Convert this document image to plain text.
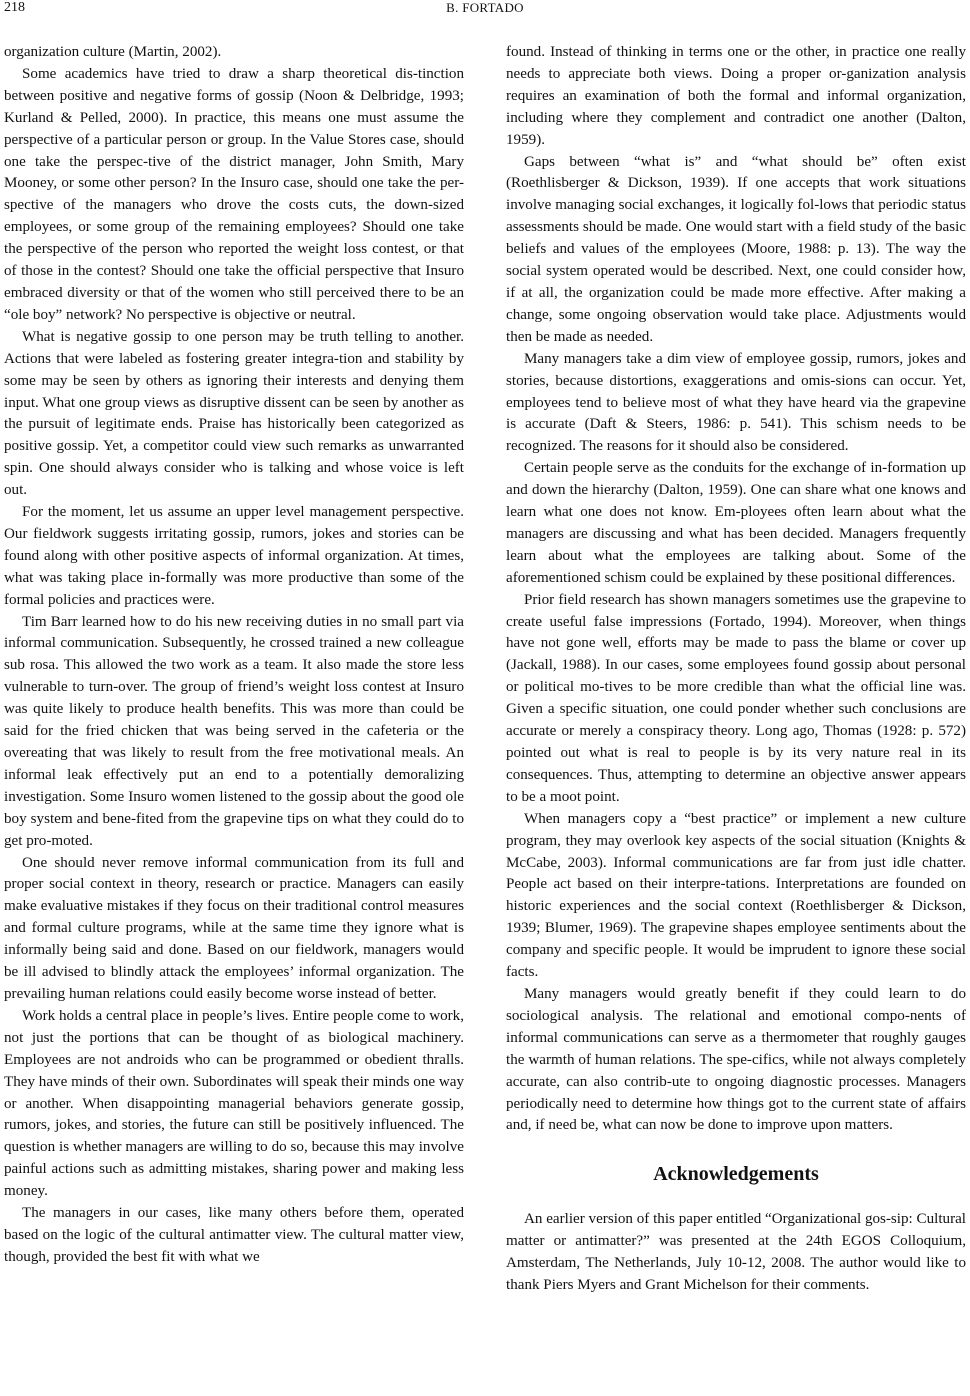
218	B. FORTADO

organization culture (Martin, 2002).

Some academics have tried to draw a sharp theoretical dis-tinction between positive and negative forms of gossip (Noon & Delbridge, 1993; Kurland & Pelled, 2000). In practice, this means one must assume the perspective of a particular person or group. In the Value Stores case, should one take the perspec-tive of the district manager, John Smith, Mary Mooney, or some other person? In the Insuro case, should one take the per-spective of the managers who drove the costs cuts, the down-sized employees, or some group of the remaining employees? Should one take the perspective of the person who reported the weight loss contest, or that of those in the contest? Should one take the official perspective that Insuro embraced diversity or that of the women who still perceived there to be an “ole boy” network? No perspective is objective or neutral.

What is negative gossip to one person may be truth telling to another. Actions that were labeled as fostering greater integra-tion and stability by some may be seen by others as ignoring their interests and denying them input. What one group views as disruptive dissent can be seen by another as the pursuit of legitimate ends. Praise has historically been categorized as positive gossip. Yet, a competitor could view such remarks as unwarranted spin. One should always consider who is talking and whose voice is left out.

For the moment, let us assume an upper level management perspective. Our fieldwork suggests irritating gossip, rumors, jokes and stories can be found along with other positive aspects of informal organization. At times, what was taking place in-formally was more productive than some of the formal policies and practices were.

Tim Barr learned how to do his new receiving duties in no small part via informal communication. Subsequently, he crossed trained a new colleague sub rosa. This allowed the two work as a team. It also made the store less vulnerable to turn-over. The group of friend’s weight loss contest at Insuro was quite likely to produce health benefits. This was more than could be said for the fried chicken that was being served in the cafeteria or the overeating that was likely to result from the free motivational meals. An informal leak effectively put an end to a potentially demoralizing investigation. Some Insuro women listened to the gossip about the good ole boy system and bene-fited from the grapevine tips on what they could do to get pro-moted.

One should never remove informal communication from its full and proper social context in theory, research or practice. Managers can easily make evaluative mistakes if they focus on their traditional control measures and formal culture programs, while at the same time they ignore what is informally being said and done. Based on our fieldwork, managers would be ill advised to blindly attack the employees’ informal organization. The prevailing human relations could easily become worse instead of better.

Work holds a central place in people’s lives. Entire people come to work, not just the portions that can be thought of as biological machinery. Employees are not androids who can be programmed or obedient thralls. They have minds of their own. Subordinates will speak their minds one way or another. When disappointing managerial behaviors generate gossip, rumors, jokes, and stories, the future can still be positively influenced. The question is whether managers are willing to do so, because this may involve painful actions such as admitting mistakes, sharing power and making less money.

The managers in our cases, like many others before them, operated based on the logic of the cultural antimatter view. The cultural matter view, though, provided the best fit with what we

found. Instead of thinking in terms one or the other, in practice one really needs to appreciate both views. Doing a proper or-ganization analysis requires an examination of both the formal and informal organization, including where they complement and contradict one another (Dalton, 1959).

Gaps between “what is” and “what should be” often exist (Roethlisberger & Dickson, 1939). If one accepts that work situations involve managing social exchanges, it logically fol-lows that periodic status assessments should be made. One would start with a field study of the basic beliefs and values of the employees (Moore, 1988: p. 13). The way the social system operated would be described. Next, one could consider how, if at all, the organization could be made more effective. After making a change, some ongoing observation would take place. Adjustments would then be made as needed.

Many managers take a dim view of employee gossip, rumors, jokes and stories, because distortions, exaggerations and omis-sions can occur. Yet, employees tend to believe most of what they have heard via the grapevine is accurate (Daft & Steers, 1986: p. 541). This schism needs to be recognized. The reasons for it should also be considered.

Certain people serve as the conduits for the exchange of in-formation up and down the hierarchy (Dalton, 1959). One can share what one knows and learn what one does not know. Em-ployees often learn about what the managers are discussing and what has been decided. Managers frequently learn about what the employees are talking about. Some of the aforementioned schism could be explained by these positional differences.

Prior field research has shown managers sometimes use the grapevine to create useful false impressions (Fortado, 1994). Moreover, when things have not gone well, efforts may be made to pass the blame or cover up (Jackall, 1988). In our cases, some employees found gossip about personal or political mo-tives to be more credible than what the official line was. Given a specific situation, one could ponder whether such conclusions are accurate or merely a conspiracy theory. Long ago, Thomas (1928: p. 572) pointed out what is real to people is by its very nature real in its consequences. Thus, attempting to determine an objective answer appears to be a moot point.

When managers copy a “best practice” or implement a new culture program, they may overlook key aspects of the social situation (Knights & McCabe, 2003). Informal communications are far from just idle chatter. People act based on their interpre-tations. Interpretations are founded on historic experiences and the social context (Roethlisberger & Dickson, 1939; Blumer, 1969). The grapevine shapes employee sentiments about the company and specific people. It would be imprudent to ignore these social facts.

Many managers would greatly benefit if they could learn to do sociological analysis. The relational and emotional compo-nents of informal communications can serve as a thermometer that roughly gauges the warmth of human relations. The spe-cifics, while not always completely accurate, can also contrib-ute to ongoing diagnostic processes. Managers periodically need to determine how things got to the current state of affairs and, if need be, what can now be done to improve upon matters.

Acknowledgements

An earlier version of this paper entitled “Organizational gos-sip: Cultural matter or antimatter?” was presented at the 24th EGOS Colloquium, Amsterdam, The Netherlands, July 10-12, 2008. The author would like to thank Piers Myers and Grant Michelson for their comments.
